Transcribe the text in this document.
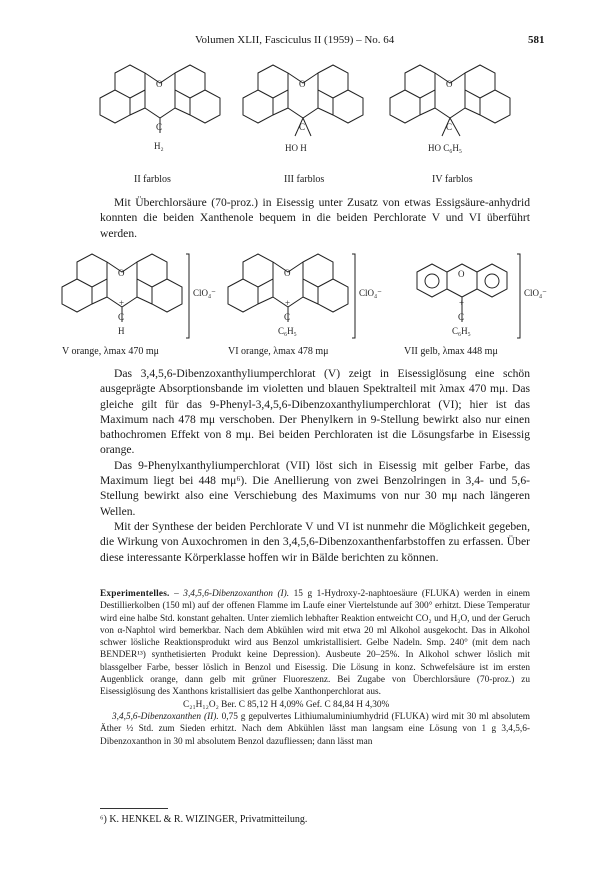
Volumen XLII, Fasciculus II (1959) – No. 64	581
O
C
H₂
II farblos
O
C
HO H
III farblos
O
C
HO C₆H₅
IV farblos

Mit Überchlorsäure (70-proz.) in Eisessig unter Zusatz von etwas Essigsäure-anhydrid konnten die beiden Xanthenole bequem in die beiden Perchlorate V und VI überführt werden.

O
+
C
H
ClO₄⁻
V orange, λmax 470 mμ
O
+
C
C₆H₅
ClO₄⁻
VI orange, λmax 478 mμ
O
+
C
C₆H₅
ClO₄⁻
VII gelb, λmax 448 mμ

Das 3,4,5,6-Dibenzoxanthyliumperchlorat (V) zeigt in Eisessiglösung eine schön ausgeprägte Absorptionsbande im violetten und blauen Spektralteil mit λmax 470 mμ. Das gleiche gilt für das 9-Phenyl-3,4,5,6-Dibenzoxanthyliumperchlorat (VI); hier ist das Maximum nach 478 mμ verschoben. Der Phenylkern in 9-Stellung bewirkt also nur einen bathochromen Effekt von 8 mμ. Bei beiden Perchloraten ist die Lösungsfarbe in Eisessig orange.

Das 9-Phenylxanthyliumperchlorat (VII) löst sich in Eisessig mit gelber Farbe, das Maximum liegt bei 448 mμ⁶). Die Anellierung von zwei Benzolringen in 3,4- und 5,6-Stellung bewirkt also eine Verschiebung des Maximums von nur 30 mμ nach längeren Wellen.

Mit der Synthese der beiden Perchlorate V und VI ist nunmehr die Möglichkeit gegeben, die Wirkung von Auxochromen in den 3,4,5,6-Dibenzoxanthenfarbstoffen zu erfassen. Über diese interessante Körperklasse hoffen wir in Bälde berichten zu können.

Experimentelles. – 3,4,5,6-Dibenzoxanthon (I). 15 g 1-Hydroxy-2-naphtoesäure (FLUKA) werden in einem Destillierkolben (150 ml) auf der offenen Flamme im Laufe einer Viertelstunde auf 300° erhitzt. Diese Temperatur wird eine halbe Std. konstant gehalten. Unter ziemlich lebhafter Reaktion entweicht CO₂ und H₂O, und der Geruch von α-Naphtol wird bemerkbar. Nach dem Abkühlen wird mit etwa 20 ml Alkohol ausgekocht. Das in Alkohol schwer lösliche Reaktionsprodukt wird aus Benzol umkristallisiert. Gelbe Nadeln. Smp. 240° (mit dem nach BENDER¹³) synthetisierten Produkt keine Depression). Ausbeute 20–25%. In Alkohol schwer löslich mit blassgelber Farbe, besser löslich in Benzol und Eisessig. Die Lösung in konz. Schwefelsäure ist im ersten Augenblick orange, dann gelb mit grüner Fluoreszenz. Bei Zugabe von Überchlorsäure (70-proz.) zu Eisessiglösung des Xanthons kristallisiert das gelbe Xanthonperchlorat aus.

C₂₁H₁₂O₂ Ber. C 85,12 H 4,09% Gef. C 84,84 H 4,30%

3,4,5,6-Dibenzoxanthen (II). 0,75 g gepulvertes Lithiumaluminiumhydrid (FLUKA) wird mit 30 ml absolutem Äther ½ Std. zum Sieden erhitzt. Nach dem Abkühlen lässt man langsam eine Lösung von 1 g 3,4,5,6-Dibenzoxanthon in 30 ml absolutem Benzol dazufliessen; dann lässt man

⁶) K. HENKEL & R. WIZINGER, Privatmitteilung.
